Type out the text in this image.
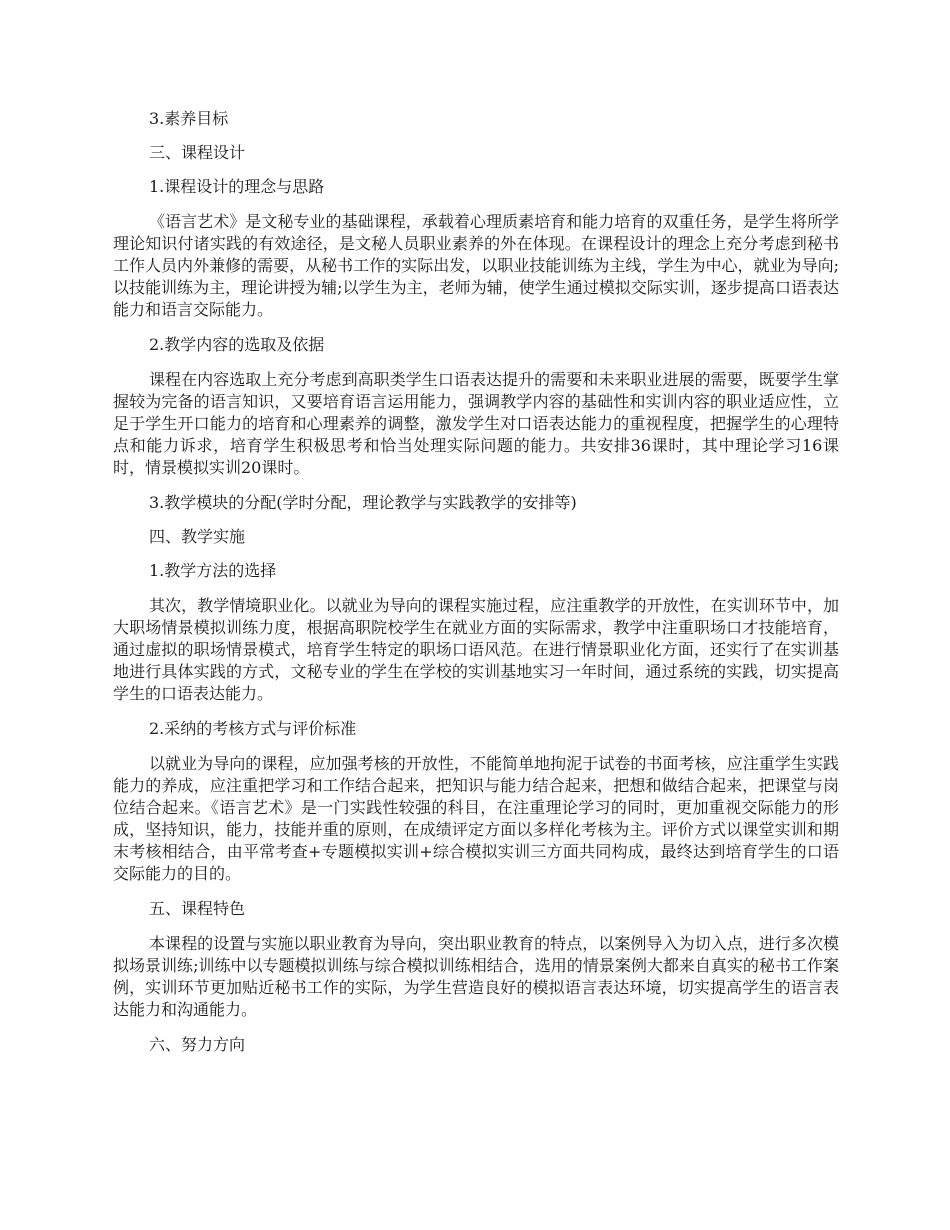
3.素养目标

三、课程设计

1.课程设计的理念与思路

《语言艺术》是文秘专业的基础课程，承载着心理质素培育和能力培育的双重任务，是学生将所学理论知识付诸实践的有效途径，是文秘人员职业素养的外在体现。在课程设计的理念上充分考虑到秘书工作人员内外兼修的需要，从秘书工作的实际出发，以职业技能训练为主线，学生为中心，就业为导向;以技能训练为主，理论讲授为辅;以学生为主，老师为辅，使学生通过模拟交际实训，逐步提高口语表达能力和语言交际能力。

2.教学内容的选取及依据

课程在内容选取上充分考虑到高职类学生口语表达提升的需要和未来职业进展的需要，既要学生掌握较为完备的语言知识，又要培育语言运用能力，强调教学内容的基础性和实训内容的职业适应性，立足于学生开口能力的培育和心理素养的调整，激发学生对口语表达能力的重视程度，把握学生的心理特点和能力诉求，培育学生积极思考和恰当处理实际问题的能力。共安排36课时，其中理论学习16课时，情景模拟实训20课时。

3.教学模块的分配(学时分配，理论教学与实践教学的安排等)

四、教学实施

1.教学方法的选择

其次，教学情境职业化。以就业为导向的课程实施过程，应注重教学的开放性，在实训环节中，加大职场情景模拟训练力度，根据高职院校学生在就业方面的实际需求，教学中注重职场口才技能培育，通过虚拟的职场情景模式，培育学生特定的职场口语风范。在进行情景职业化方面，还实行了在实训基地进行具体实践的方式，文秘专业的学生在学校的实训基地实习一年时间，通过系统的实践，切实提高学生的口语表达能力。

2.采纳的考核方式与评价标准

以就业为导向的课程，应加强考核的开放性，不能简单地拘泥于试卷的书面考核，应注重学生实践能力的养成，应注重把学习和工作结合起来，把知识与能力结合起来，把想和做结合起来，把课堂与岗位结合起来。《语言艺术》是一门实践性较强的科目，在注重理论学习的同时，更加重视交际能力的形成，坚持知识，能力，技能并重的原则，在成绩评定方面以多样化考核为主。评价方式以课堂实训和期末考核相结合，由平常考查+专题模拟实训+综合模拟实训三方面共同构成，最终达到培育学生的口语交际能力的目的。

五、课程特色

本课程的设置与实施以职业教育为导向，突出职业教育的特点，以案例导入为切入点，进行多次模拟场景训练;训练中以专题模拟训练与综合模拟训练相结合，选用的情景案例大都来自真实的秘书工作案例，实训环节更加贴近秘书工作的实际，为学生营造良好的模拟语言表达环境，切实提高学生的语言表达能力和沟通能力。

六、努力方向
